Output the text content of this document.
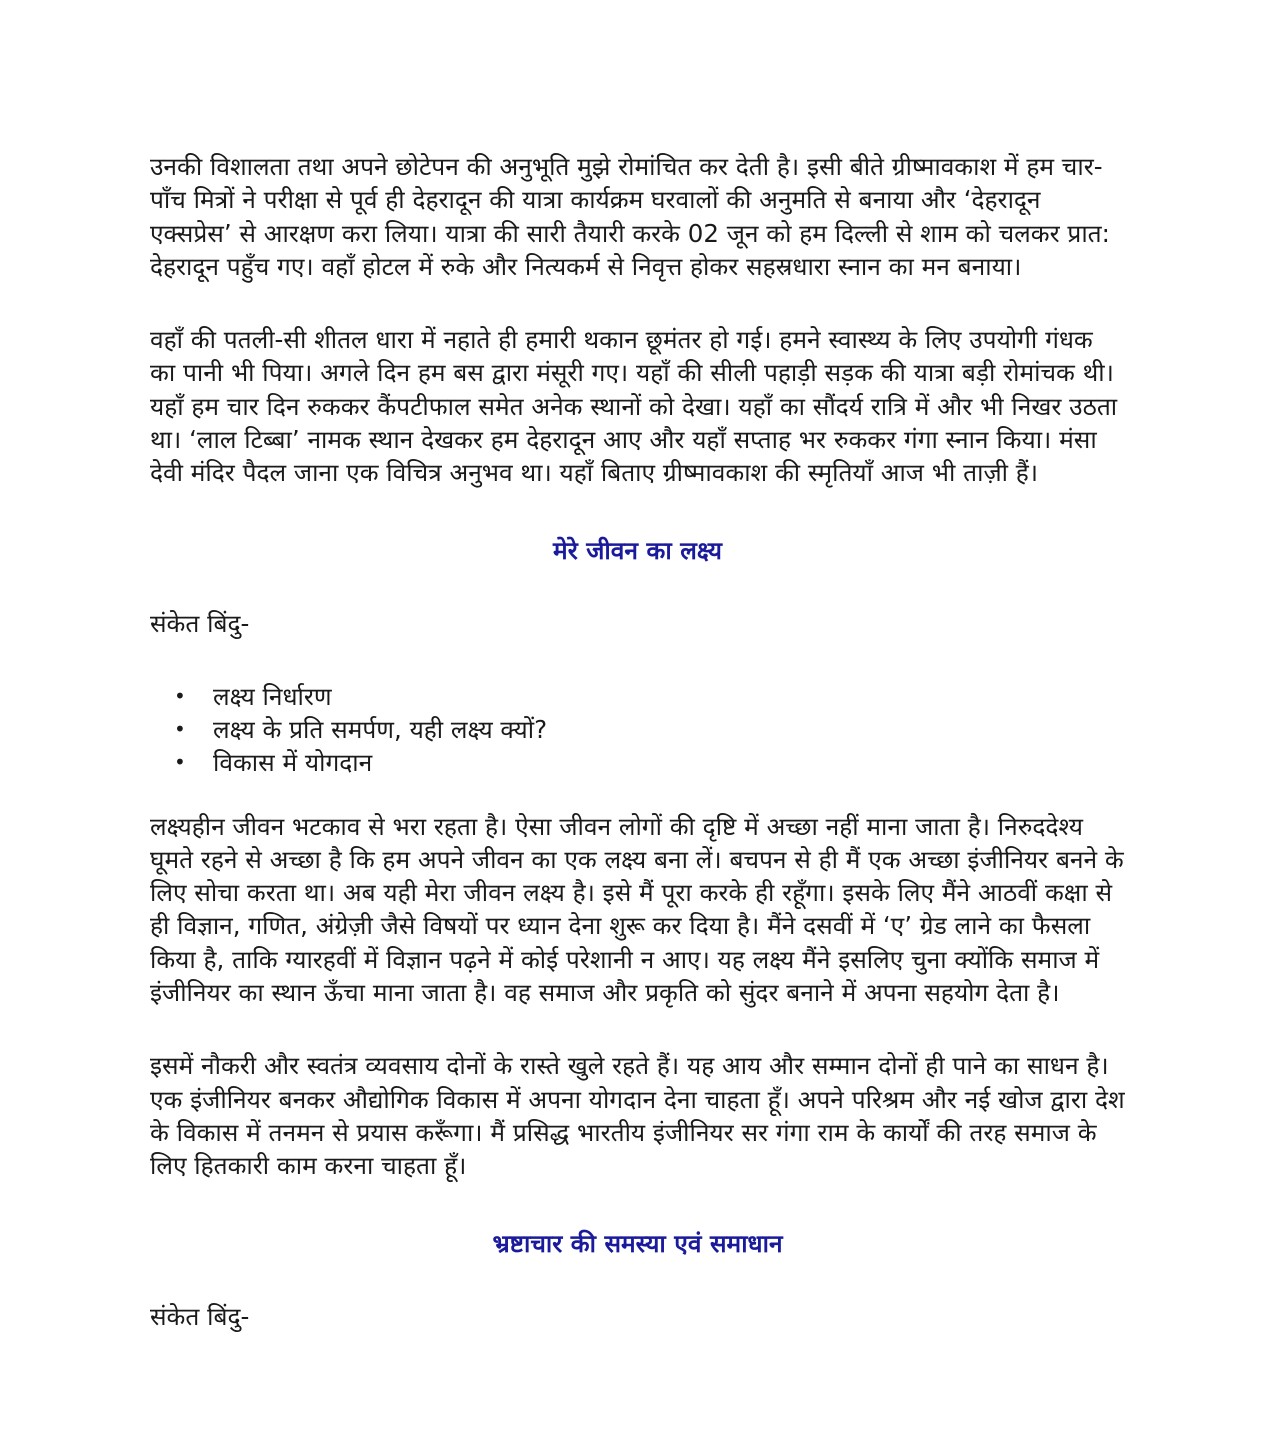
उनकी विशालता तथा अपने छोटेपन की अनुभूति मुझे रोमांचित कर देती है। इसी बीते ग्रीष्मावकाश में हम चार-पाँच मित्रों ने परीक्षा से पूर्व ही देहरादून की यात्रा कार्यक्रम घरवालों की अनुमति से बनाया और ‘देहरादून एक्सप्रेस’ से आरक्षण करा लिया। यात्रा की सारी तैयारी करके 02 जून को हम दिल्ली से शाम को चलकर प्रात: देहरादून पहुँच गए। वहाँ होटल में रुके और नित्यकर्म से निवृत्त होकर सहस्रधारा स्नान का मन बनाया।

वहाँ की पतली-सी शीतल धारा में नहाते ही हमारी थकान छूमंतर हो गई। हमने स्वास्थ्य के लिए उपयोगी गंधक का पानी भी पिया। अगले दिन हम बस द्वारा मंसूरी गए। यहाँ की सीली पहाड़ी सड़क की यात्रा बड़ी रोमांचक थी। यहाँ हम चार दिन रुककर कैंपटीफाल समेत अनेक स्थानों को देखा। यहाँ का सौंदर्य रात्रि में और भी निखर उठता था। ‘लाल टिब्बा’ नामक स्थान देखकर हम देहरादून आए और यहाँ सप्ताह भर रुककर गंगा स्नान किया। मंसा देवी मंदिर पैदल जाना एक विचित्र अनुभव था। यहाँ बिताए ग्रीष्मावकाश की स्मृतियाँ आज भी ताज़ी हैं।

मेरे जीवन का लक्ष्य

संकेत बिंदु-

• लक्ष्य निर्धारण
• लक्ष्य के प्रति समर्पण, यही लक्ष्य क्यों?
• विकास में योगदान

लक्ष्यहीन जीवन भटकाव से भरा रहता है। ऐसा जीवन लोगों की दृष्टि में अच्छा नहीं माना जाता है। निरुददेश्य घूमते रहने से अच्छा है कि हम अपने जीवन का एक लक्ष्य बना लें। बचपन से ही मैं एक अच्छा इंजीनियर बनने के लिए सोचा करता था। अब यही मेरा जीवन लक्ष्य है। इसे मैं पूरा करके ही रहूँगा। इसके लिए मैंने आठवीं कक्षा से ही विज्ञान, गणित, अंग्रेज़ी जैसे विषयों पर ध्यान देना शुरू कर दिया है। मैंने दसवीं में ‘ए’ ग्रेड लाने का फैसला किया है, ताकि ग्यारहवीं में विज्ञान पढ़ने में कोई परेशानी न आए। यह लक्ष्य मैंने इसलिए चुना क्योंकि समाज में इंजीनियर का स्थान ऊँचा माना जाता है। वह समाज और प्रकृति को सुंदर बनाने में अपना सहयोग देता है।

इसमें नौकरी और स्वतंत्र व्यवसाय दोनों के रास्ते खुले रहते हैं। यह आय और सम्मान दोनों ही पाने का साधन है। एक इंजीनियर बनकर औद्योगिक विकास में अपना योगदान देना चाहता हूँ। अपने परिश्रम और नई खोज द्वारा देश के विकास में तनमन से प्रयास करूँगा। मैं प्रसिद्ध भारतीय इंजीनियर सर गंगा राम के कार्यों की तरह समाज के लिए हितकारी काम करना चाहता हूँ।

भ्रष्टाचार की समस्या एवं समाधान

संकेत बिंदु-
